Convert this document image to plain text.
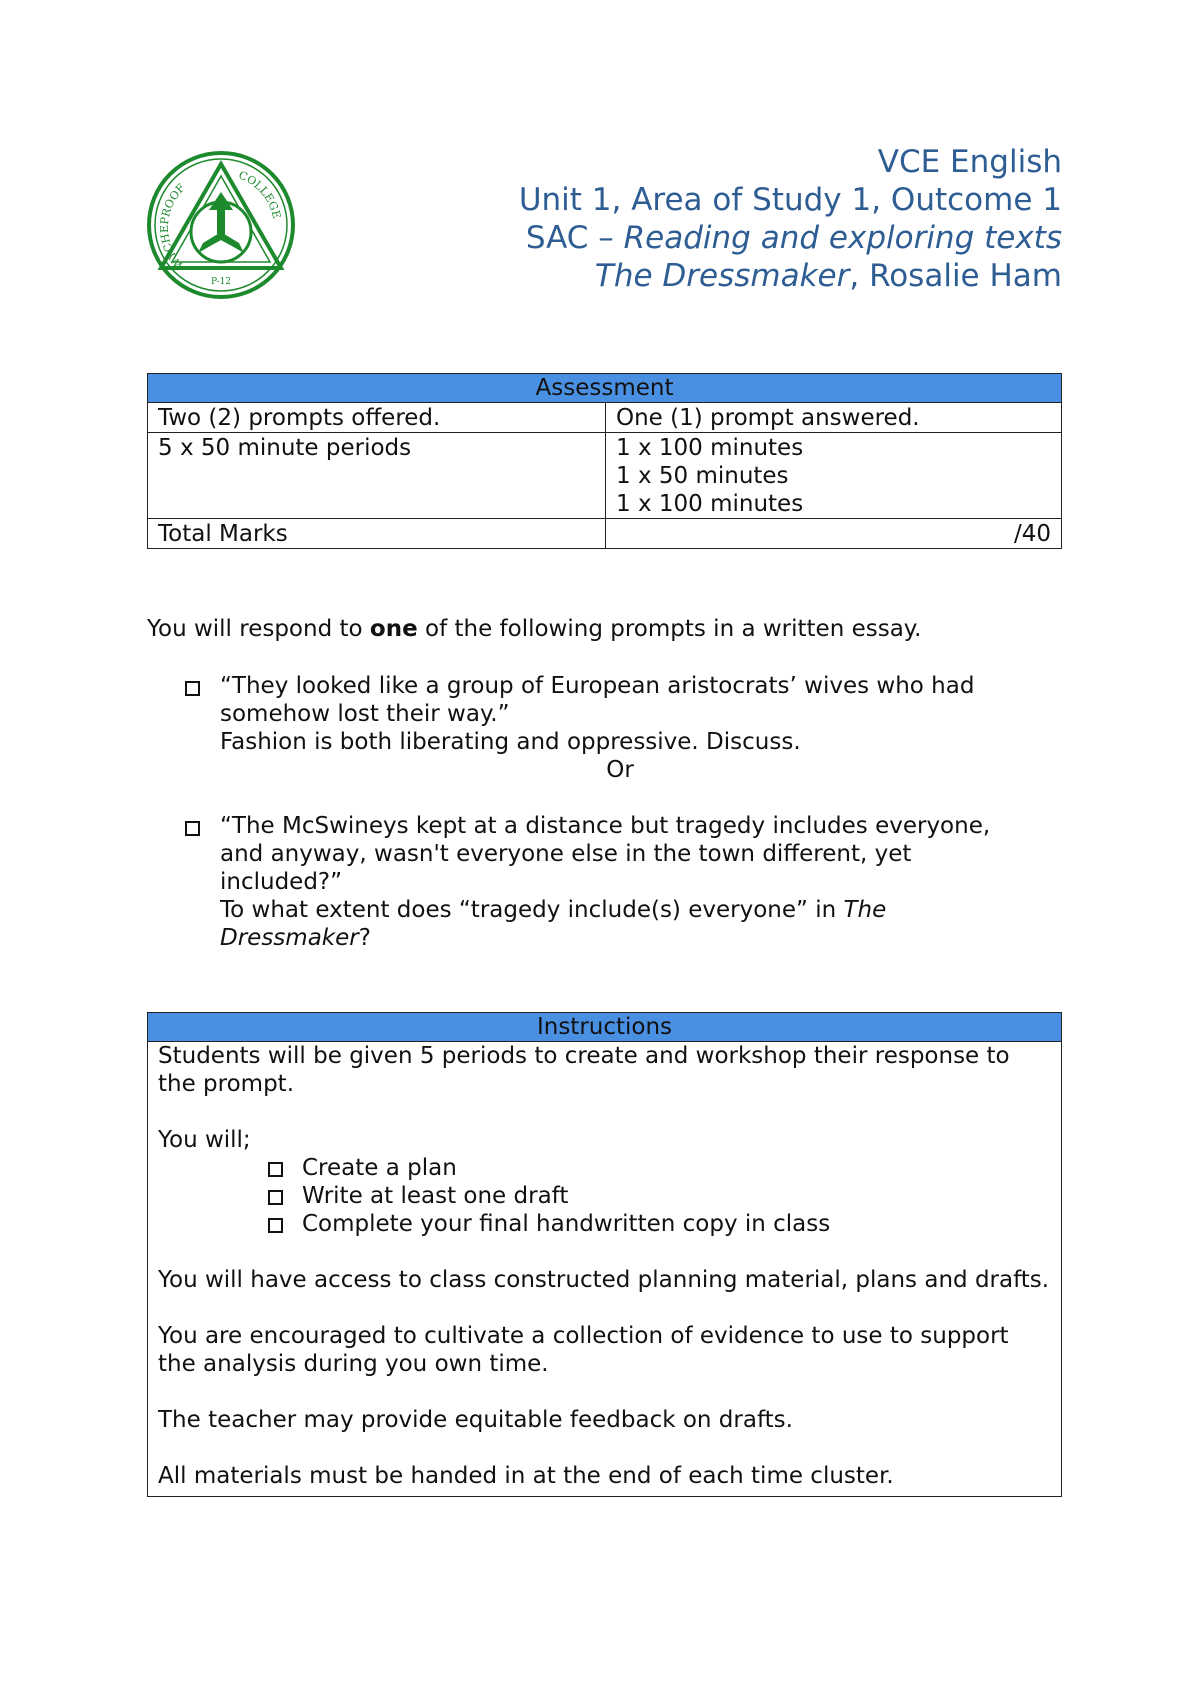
WYCHEPROOF
COLLEGE
P-12
VCE English
Unit 1, Area of Study 1, Outcome 1
SAC – Reading and exploring texts
The Dressmaker, Rosalie Ham
Assessment	
Two (2) prompts offered.	One (1) prompt answered.
5 x 50 minute periods	1 x 100 minutes
1 x 50 minutes
1 x 100 minutes

Total Marks	/40
You will respond to one of the following prompts in a written essay.
“They looked like a group of European aristocrats’ wives who had
somehow lost their way.”
Fashion is both liberating and oppressive. Discuss.
Or
“The McSwineys kept at a distance but tragedy includes everyone,
and anyway, wasn't everyone else in the town different, yet
included?”
To what extent does “tragedy include(s) everyone” in The
Dressmaker?
Instructions

Students will be given 5 periods to create and workshop their response to the prompt.

You will;
Create a plan
Write at least one draft
Complete your final handwritten copy in class

You will have access to class constructed planning material, plans and drafts.

You are encouraged to cultivate a collection of evidence to use to support the analysis during you own time.

The teacher may provide equitable feedback on drafts.

All materials must be handed in at the end of each time cluster.
